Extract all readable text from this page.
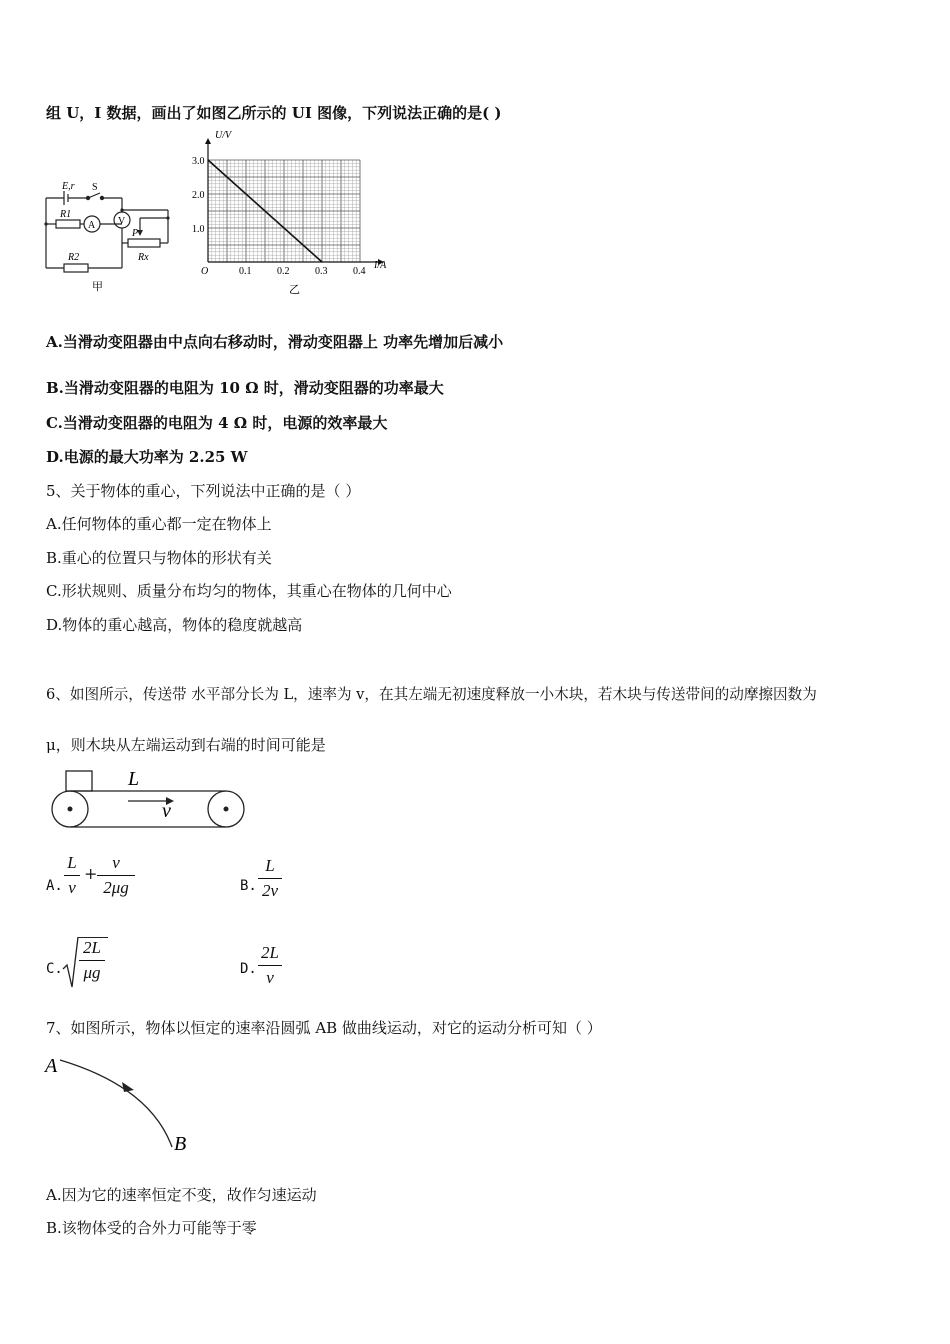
组 U，I 数据，画出了如图乙所示的 UI 图像，下列说法正确的是( )
E,r S
R1
A V
P
Rx
R2
甲
3.0
2.0
1.0
0.1	0.2	0.3	0.4
U/V
I/A
O
乙
A.当滑动变阻器由中点向右移动时，滑动变阻器上 功率先增加后减小
B.当滑动变阻器的电阻为 10 Ω 时，滑动变阻器的功率最大
C.当滑动变阻器的电阻为 4 Ω 时，电源的效率最大
D.电源的最大功率为 2.25 W
5、关于物体的重心，下列说法中正确的是（ ）
A.任何物体的重心都一定在物体上
B.重心的位置只与物体的形状有关
C.形状规则、质量分布均匀的物体，其重心在物体的几何中心
D.物体的重心越高，物体的稳度就越高
6、如图所示，传送带 水平部分长为 L，速率为 v，在其左端无初速度释放一小木块，若木块与传送带间的动摩擦因数为
μ，则木块从左端运动到右端的时间可能是
L
v
A.
L
v
+
v
2μg	B.
L
2v
C.
2L
μg	D.
2L
v
7、如图所示，物体以恒定的速率沿圆弧 AB 做曲线运动，对它的运动分析可知（ ）
A
B
A.因为它的速率恒定不变，故作匀速运动
B.该物体受的合外力可能等于零
